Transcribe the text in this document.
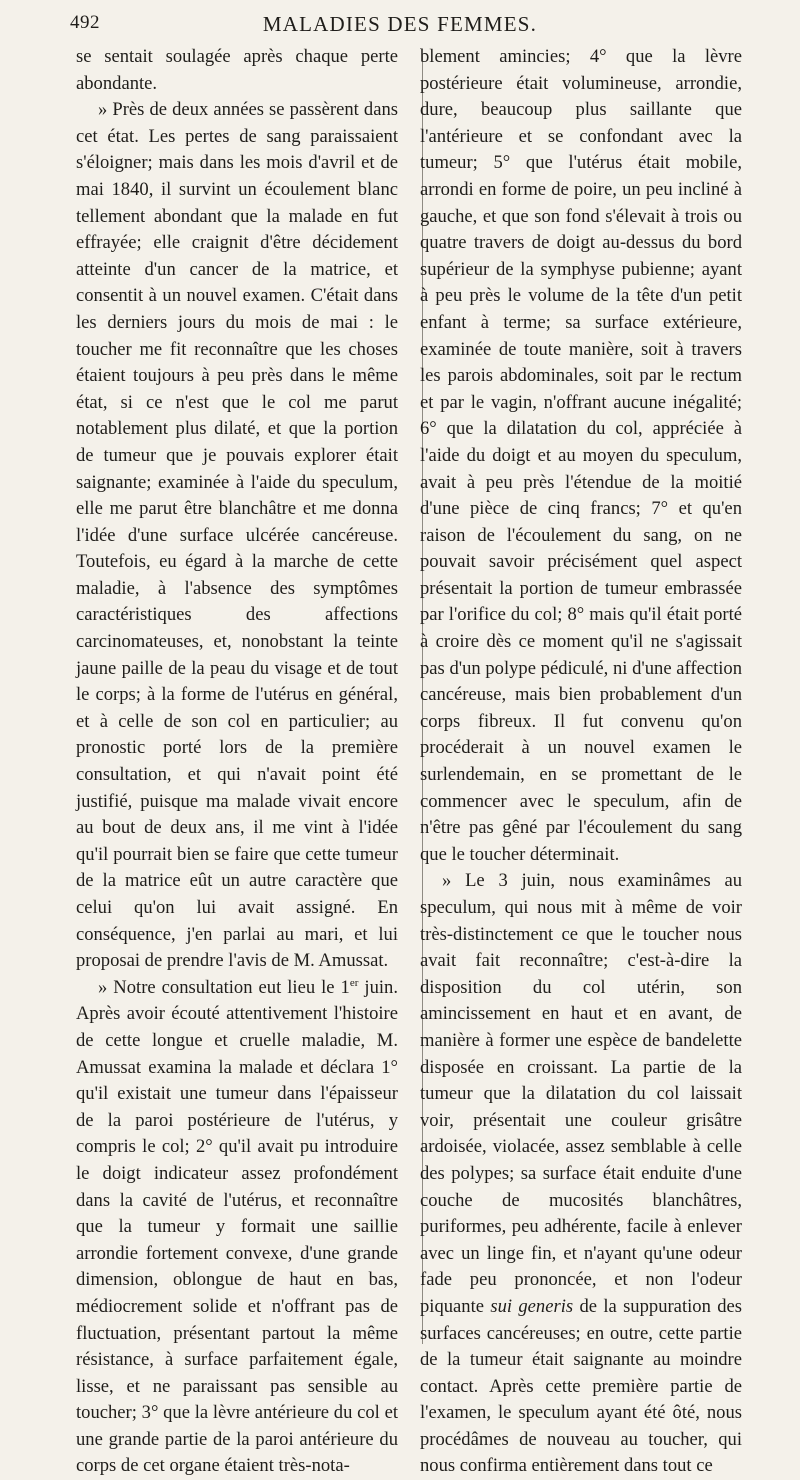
492	MALADIES DES FEMMES.

se sentait soulagée après chaque perte abondante.

» Près de deux années se passèrent dans cet état. Les pertes de sang paraissaient s'éloigner; mais dans les mois d'avril et de mai 1840, il survint un écoulement blanc tellement abondant que la malade en fut effrayée; elle craignit d'être décidement atteinte d'un cancer de la matrice, et consentit à un nouvel examen. C'était dans les derniers jours du mois de mai : le toucher me fit reconnaître que les choses étaient toujours à peu près dans le même état, si ce n'est que le col me parut notablement plus dilaté, et que la portion de tumeur que je pouvais explorer était saignante; examinée à l'aide du speculum, elle me parut être blanchâtre et me donna l'idée d'une surface ulcérée cancéreuse. Toutefois, eu égard à la marche de cette maladie, à l'absence des symptômes caractéristiques des affections carcinomateuses, et, nonobstant la teinte jaune paille de la peau du visage et de tout le corps; à la forme de l'utérus en général, et à celle de son col en particulier; au pronostic porté lors de la première consultation, et qui n'avait point été justifié, puisque ma malade vivait encore au bout de deux ans, il me vint à l'idée qu'il pourrait bien se faire que cette tumeur de la matrice eût un autre caractère que celui qu'on lui avait assigné. En conséquence, j'en parlai au mari, et lui proposai de prendre l'avis de M. Amussat.

» Notre consultation eut lieu le 1er juin. Après avoir écouté attentivement l'histoire de cette longue et cruelle maladie, M. Amussat examina la malade et déclara 1° qu'il existait une tumeur dans l'épaisseur de la paroi postérieure de l'utérus, y compris le col; 2° qu'il avait pu introduire le doigt indicateur assez profondément dans la cavité de l'utérus, et reconnaître que la tumeur y formait une saillie arrondie fortement convexe, d'une grande dimension, oblongue de haut en bas, médiocrement solide et n'offrant pas de fluctuation, présentant partout la même résistance, à surface parfaitement égale, lisse, et ne paraissant pas sensible au toucher; 3° que la lèvre antérieure du col et une grande partie de la paroi antérieure du corps de cet organe étaient très-nota-

blement amincies; 4° que la lèvre postérieure était volumineuse, arrondie, dure, beaucoup plus saillante que l'antérieure et se confondant avec la tumeur; 5° que l'utérus était mobile, arrondi en forme de poire, un peu incliné à gauche, et que son fond s'élevait à trois ou quatre travers de doigt au-dessus du bord supérieur de la symphyse pubienne; ayant à peu près le volume de la tête d'un petit enfant à terme; sa surface extérieure, examinée de toute manière, soit à travers les parois abdominales, soit par le rectum et par le vagin, n'offrant aucune inégalité; 6° que la dilatation du col, appréciée à l'aide du doigt et au moyen du speculum, avait à peu près l'étendue de la moitié d'une pièce de cinq francs; 7° et qu'en raison de l'écoulement du sang, on ne pouvait savoir précisément quel aspect présentait la portion de tumeur embrassée par l'orifice du col; 8° mais qu'il était porté à croire dès ce moment qu'il ne s'agissait pas d'un polype pédiculé, ni d'une affection cancéreuse, mais bien probablement d'un corps fibreux. Il fut convenu qu'on procéderait à un nouvel examen le surlendemain, en se promettant de le commencer avec le speculum, afin de n'être pas gêné par l'écoulement du sang que le toucher déterminait.

» Le 3 juin, nous examinâmes au speculum, qui nous mit à même de voir très-distinctement ce que le toucher nous avait fait reconnaître; c'est-à-dire la disposition du col utérin, son amincissement en haut et en avant, de manière à former une espèce de bandelette disposée en croissant. La partie de la tumeur que la dilatation du col laissait voir, présentait une couleur grisâtre ardoisée, violacée, assez semblable à celle des polypes; sa surface était enduite d'une couche de mucosités blanchâtres, puriformes, peu adhérente, facile à enlever avec un linge fin, et n'ayant qu'une odeur fade peu prononcée, et non l'odeur piquante sui generis de la suppuration des surfaces cancéreuses; en outre, cette partie de la tumeur était saignante au moindre contact. Après cette première partie de l'examen, le speculum ayant été ôté, nous procédâmes de nouveau au toucher, qui nous confirma entièrement dans tout ce
